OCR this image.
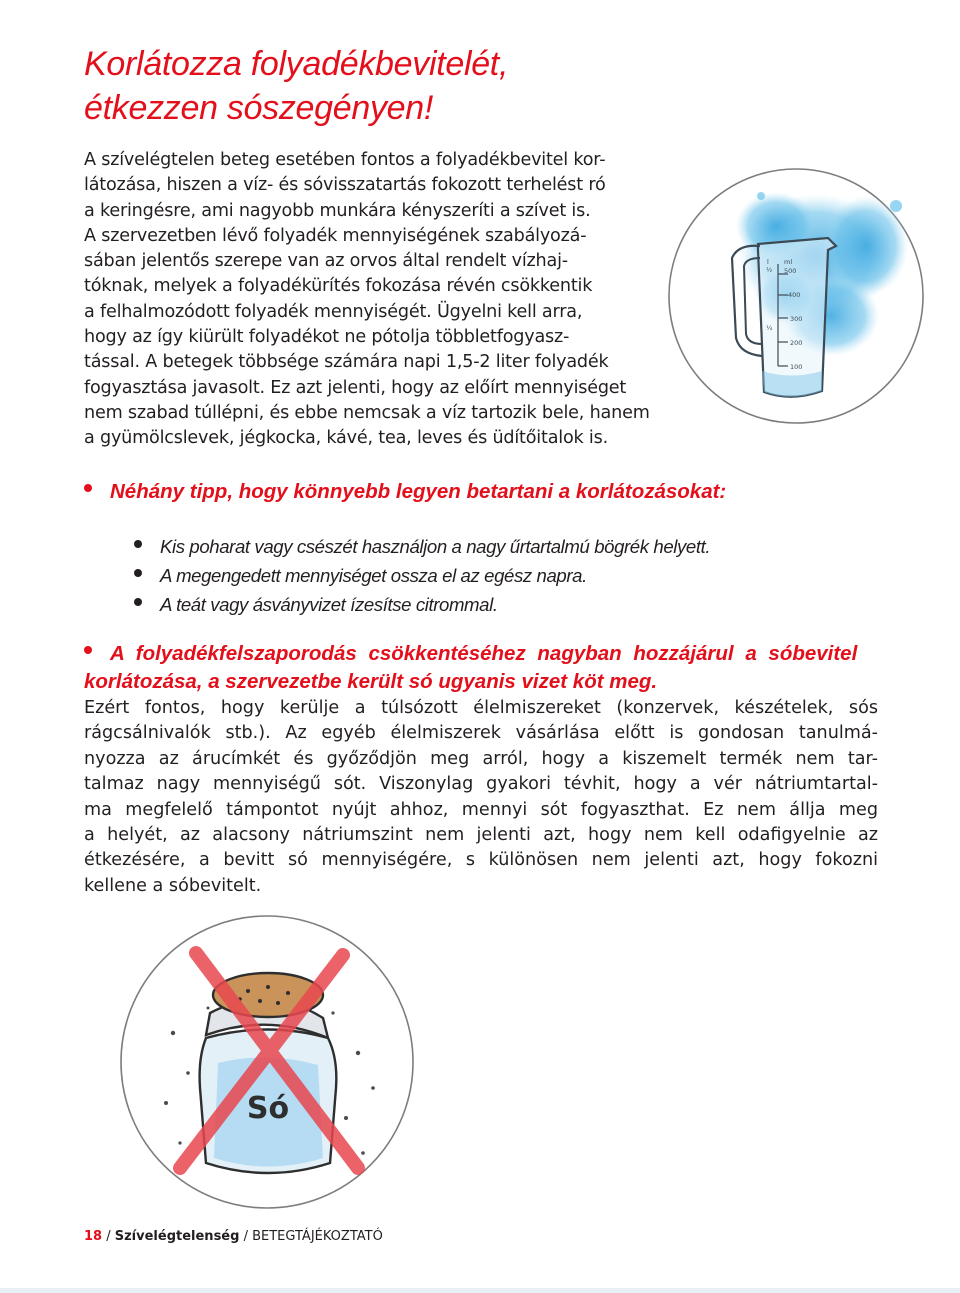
Korlátozza folyadékbevitelét,
étkezzen sószegényen!

A szívelégtelen beteg esetében fontos a folyadékbevitel kor-
látozása, hiszen a víz- és sóvisszatartás fokozott terhelést ró
a keringésre, ami nagyobb munkára kényszeríti a szívet is.
A szervezetben lévő folyadék mennyiségének szabályozá-
sában jelentős szerepe van az orvos által rendelt vízhaj-
tóknak, melyek a folyadékürítés fokozása révén csökkentik
a felhalmozódott folyadék mennyiségét. Ügyelni kell arra,
hogy az így kiürült folyadékot ne pótolja többletfogyasz-
tással. A betegek többsége számára napi 1,5-2 liter folyadék
fogyasztása javasolt. Ez azt jelenti, hogy az előírt mennyiséget
nem szabad túllépni, és ebbe nemcsak a víz tartozik bele, hanem
a gyümölcslevek, jégkocka, kávé, tea, leves és üdítőitalok is.

l ml
½ 500
400
300
¼
200
100
Néhány tipp, hogy könnyebb legyen betartani a korlátozásokat:
Kis poharat vagy csészét használjon a nagy űrtartalmú bögrék helyett.
A megengedett mennyiséget ossza el az egész napra.
A teát vagy ásványvizet ízesítse citrommal.
A folyadékfelszaporodás csökkentéséhez nagyban hozzájárul a sóbevitel
korlátozása, a szervezetbe került só ugyanis vizet köt meg.

Ezért fontos, hogy kerülje a túlsózott élelmiszereket (konzervek, készételek, sós
rágcsálnivalók stb.). Az egyéb élelmiszerek vásárlása előtt is gondosan tanulmá-
nyozza az árucímkét és győződjön meg arról, hogy a kiszemelt termék nem tar-
talmaz nagy mennyiségű sót. Viszonylag gyakori tévhit, hogy a vér nátriumtartal-
ma megfelelő támpontot nyújt ahhoz, mennyi sót fogyaszthat. Ez nem állja meg
a helyét, az alacsony nátriumszint nem jelenti azt, hogy nem kell odafigyelnie az
étkezésére, a bevitt só mennyiségére, s különösen nem jelenti azt, hogy fokozni
kellene a sóbevitelt.

Só
18 / Szívelégtelenség / BETEGTÁJÉKOZTATÓ
